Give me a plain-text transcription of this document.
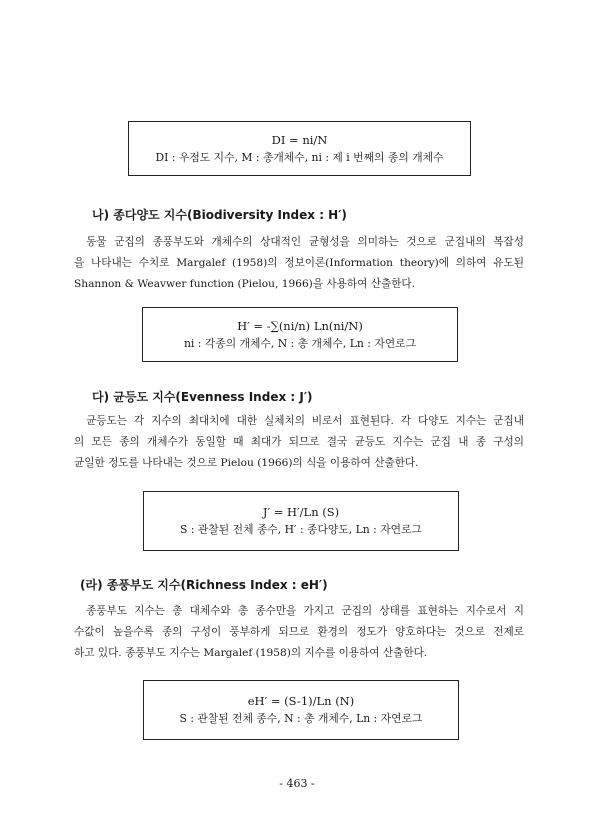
DI = ni/N
DI : 우점도 지수, M : 총개체수, ni : 제 i 번째의 종의 개체수
나) 종다양도 지수(Biodiversity Index : H′)
동물 군집의 종풍부도와 개체수의 상대적인 균형성을 의미하는 것으로 군집내의 복잡성
을 나타내는 수치로 Margalef (1958)의 정보이론(Information theory)에 의하여 유도된
Shannon & Weavwer function (Pielou, 1966)을 사용하여 산출한다.
H′ = -∑(ni/n) Ln(ni/N)
ni : 각종의 개체수, N : 총 개체수, Ln : 자연로그
다) 균등도 지수(Evenness Index : J′)
균등도는 각 지수의 최대치에 대한 실체치의 비로서 표현된다. 각 다양도 지수는 군집내
의 모든 종의 개체수가 동일할 때 최대가 되므로 결국 균등도 지수는 군집 내 종 구성의
균일한 정도를 나타내는 것으로 Pielou (1966)의 식을 이용하여 산출한다.
J′ = H′/Ln (S)
S : 관찰된 전체 종수, H′ : 종다양도, Ln : 자연로그
(라) 종풍부도 지수(Richness Index : eH′)
종풍부도 지수는 총 대체수와 총 종수만을 가지고 군집의 상태를 표현하는 지수로서 지
수값이 높을수록 종의 구성이 풍부하게 되므로 환경의 정도가 양호하다는 것으로 전제로
하고 있다. 종풍부도 지수는 Margalef (1958)의 지수를 이용하여 산출한다.
eH′ = (S-1)/Ln (N)
S : 관찰된 전체 종수, N : 총 개체수, Ln : 자연로그
- 463 -
